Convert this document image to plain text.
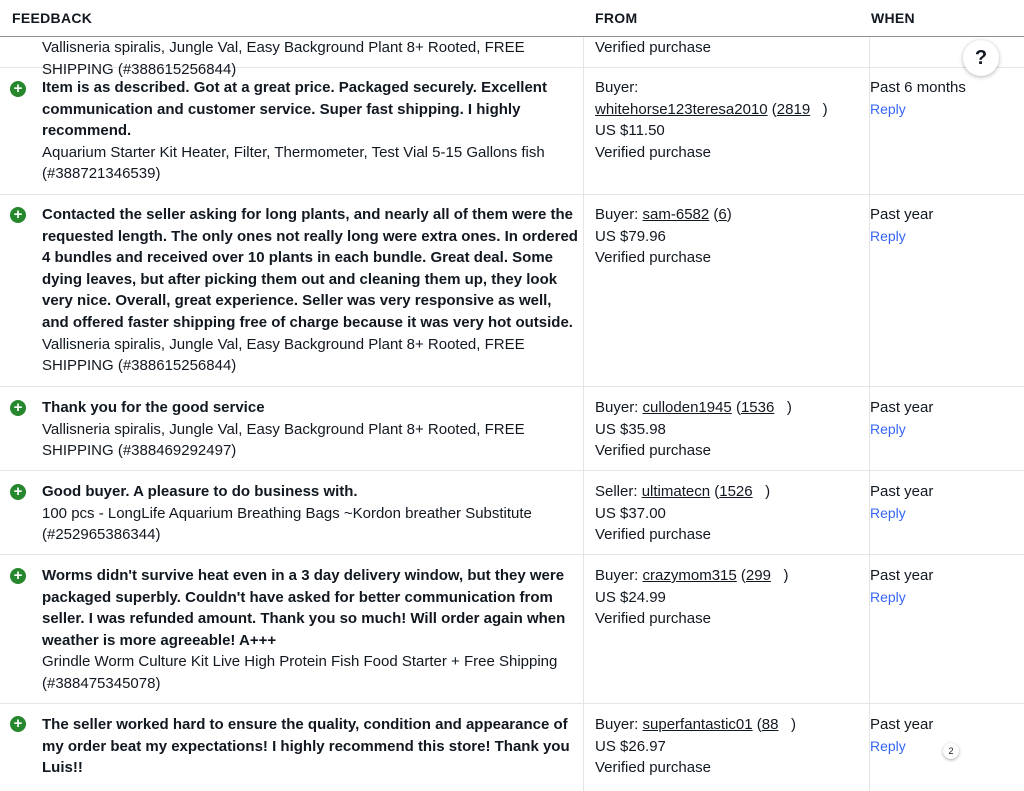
FEEDBACK	FROM	WHEN
Vallisneria spiralis, Jungle Val, Easy Background Plant 8+ Rooted, FREE SHIPPING (#388615256844)
Verified purchase
+ Item is as described. Got at a great price. Packaged securely. Excellent communication and customer service. Super fast shipping. I highly recommend.
Aquarium Starter Kit Heater, Filter, Thermometer, Test Vial 5-15 Gallons fish (#388721346539)
Buyer:
whitehorse123teresa2010 (2819   )
US $11.50
Verified purchase
Past 6 months
Reply
+ Contacted the seller asking for long plants, and nearly all of them were the requested length. The only ones not really long were extra ones. In ordered 4 bundles and received over 10 plants in each bundle. Great deal. Some dying leaves, but after picking them out and cleaning them up, they look very nice. Overall, great experience. Seller was very responsive as well, and offered faster shipping free of charge because it was very hot outside.
Vallisneria spiralis, Jungle Val, Easy Background Plant 8+ Rooted, FREE SHIPPING (#388615256844)
Buyer: sam-6582 (6)
US $79.96
Verified purchase
Past year
Reply
+ Thank you for the good service
Vallisneria spiralis, Jungle Val, Easy Background Plant 8+ Rooted, FREE SHIPPING (#388469292497)
Buyer: culloden1945 (1536   )
US $35.98
Verified purchase
Past year
Reply
+ Good buyer. A pleasure to do business with.
100 pcs - LongLife Aquarium Breathing Bags ~Kordon breather Substitute (#252965386344)
Seller: ultimatecn (1526   )
US $37.00
Verified purchase
Past year
Reply
+ Worms didn't survive heat even in a 3 day delivery window, but they were packaged superbly. Couldn't have asked for better communication from seller. I was refunded amount. Thank you so much! Will order again when weather is more agreeable! A+++
Grindle Worm Culture Kit Live High Protein Fish Food Starter + Free Shipping (#388475345078)
Buyer: crazymom315 (299   )
US $24.99
Verified purchase
Past year
Reply
+ The seller worked hard to ensure the quality, condition and appearance of my order beat my expectations! I highly recommend this store! Thank you Luis!!
Buyer: superfantastic01 (88   )
US $26.97
Verified purchase
Past year
Reply
?
2
